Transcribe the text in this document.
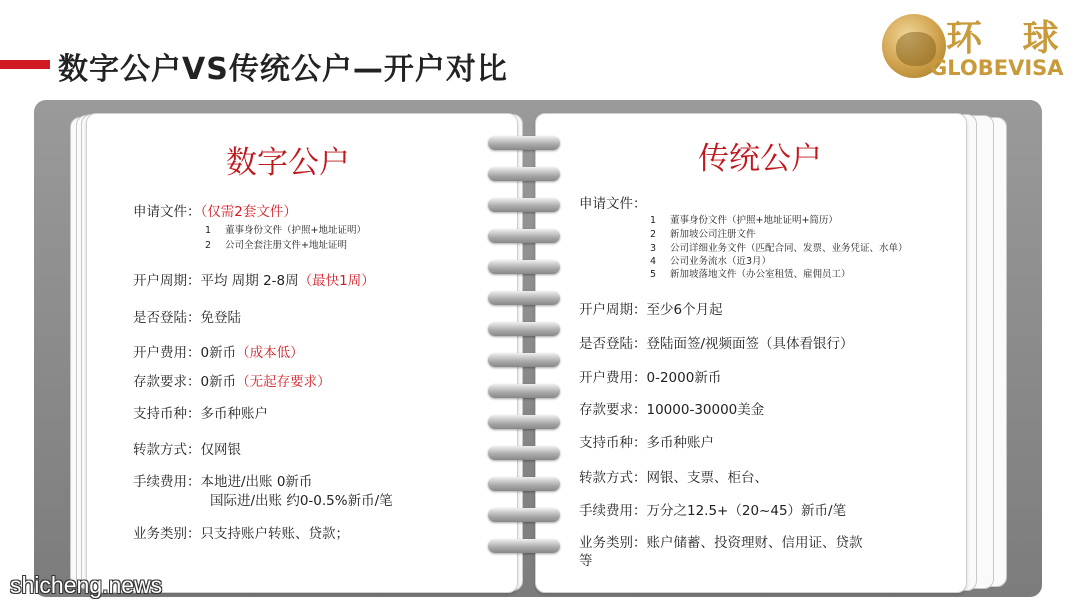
数字公户VS传统公户—开户对比
环 球
GLOBEVISA
数字公户
申请文件：（仅需2套文件）
1 董事身份文件（护照+地址证明）
2 公司全套注册文件+地址证明
开户周期：平均 周期 2-8周（最快1周）
是否登陆：免登陆
开户费用：0新币（成本低）
存款要求：0新币（无起存要求）
支持币种：多币种账户
转款方式：仅网银
手续费用：本地进/出账 0新币
国际进/出账 约0-0.5%新币/笔
业务类别：只支持账户转账、贷款；
传统公户
申请文件：
1 董事身份文件（护照+地址证明+简历）
2 新加坡公司注册文件
3 公司详细业务文件（匹配合同、发票、业务凭证、水单）
4 公司业务流水（近3月）
5 新加坡落地文件（办公室租赁、雇佣员工）
开户周期：至少6个月起
是否登陆：登陆面签/视频面签（具体看银行）
开户费用：0-2000新币
存款要求：10000-30000美金
支持币种：多币种账户
转款方式：网银、支票、柜台、
手续费用：万分之12.5+（20~45）新币/笔
业务类别：账户储蓄、投资理财、信用证、贷款
等
shicheng.news
